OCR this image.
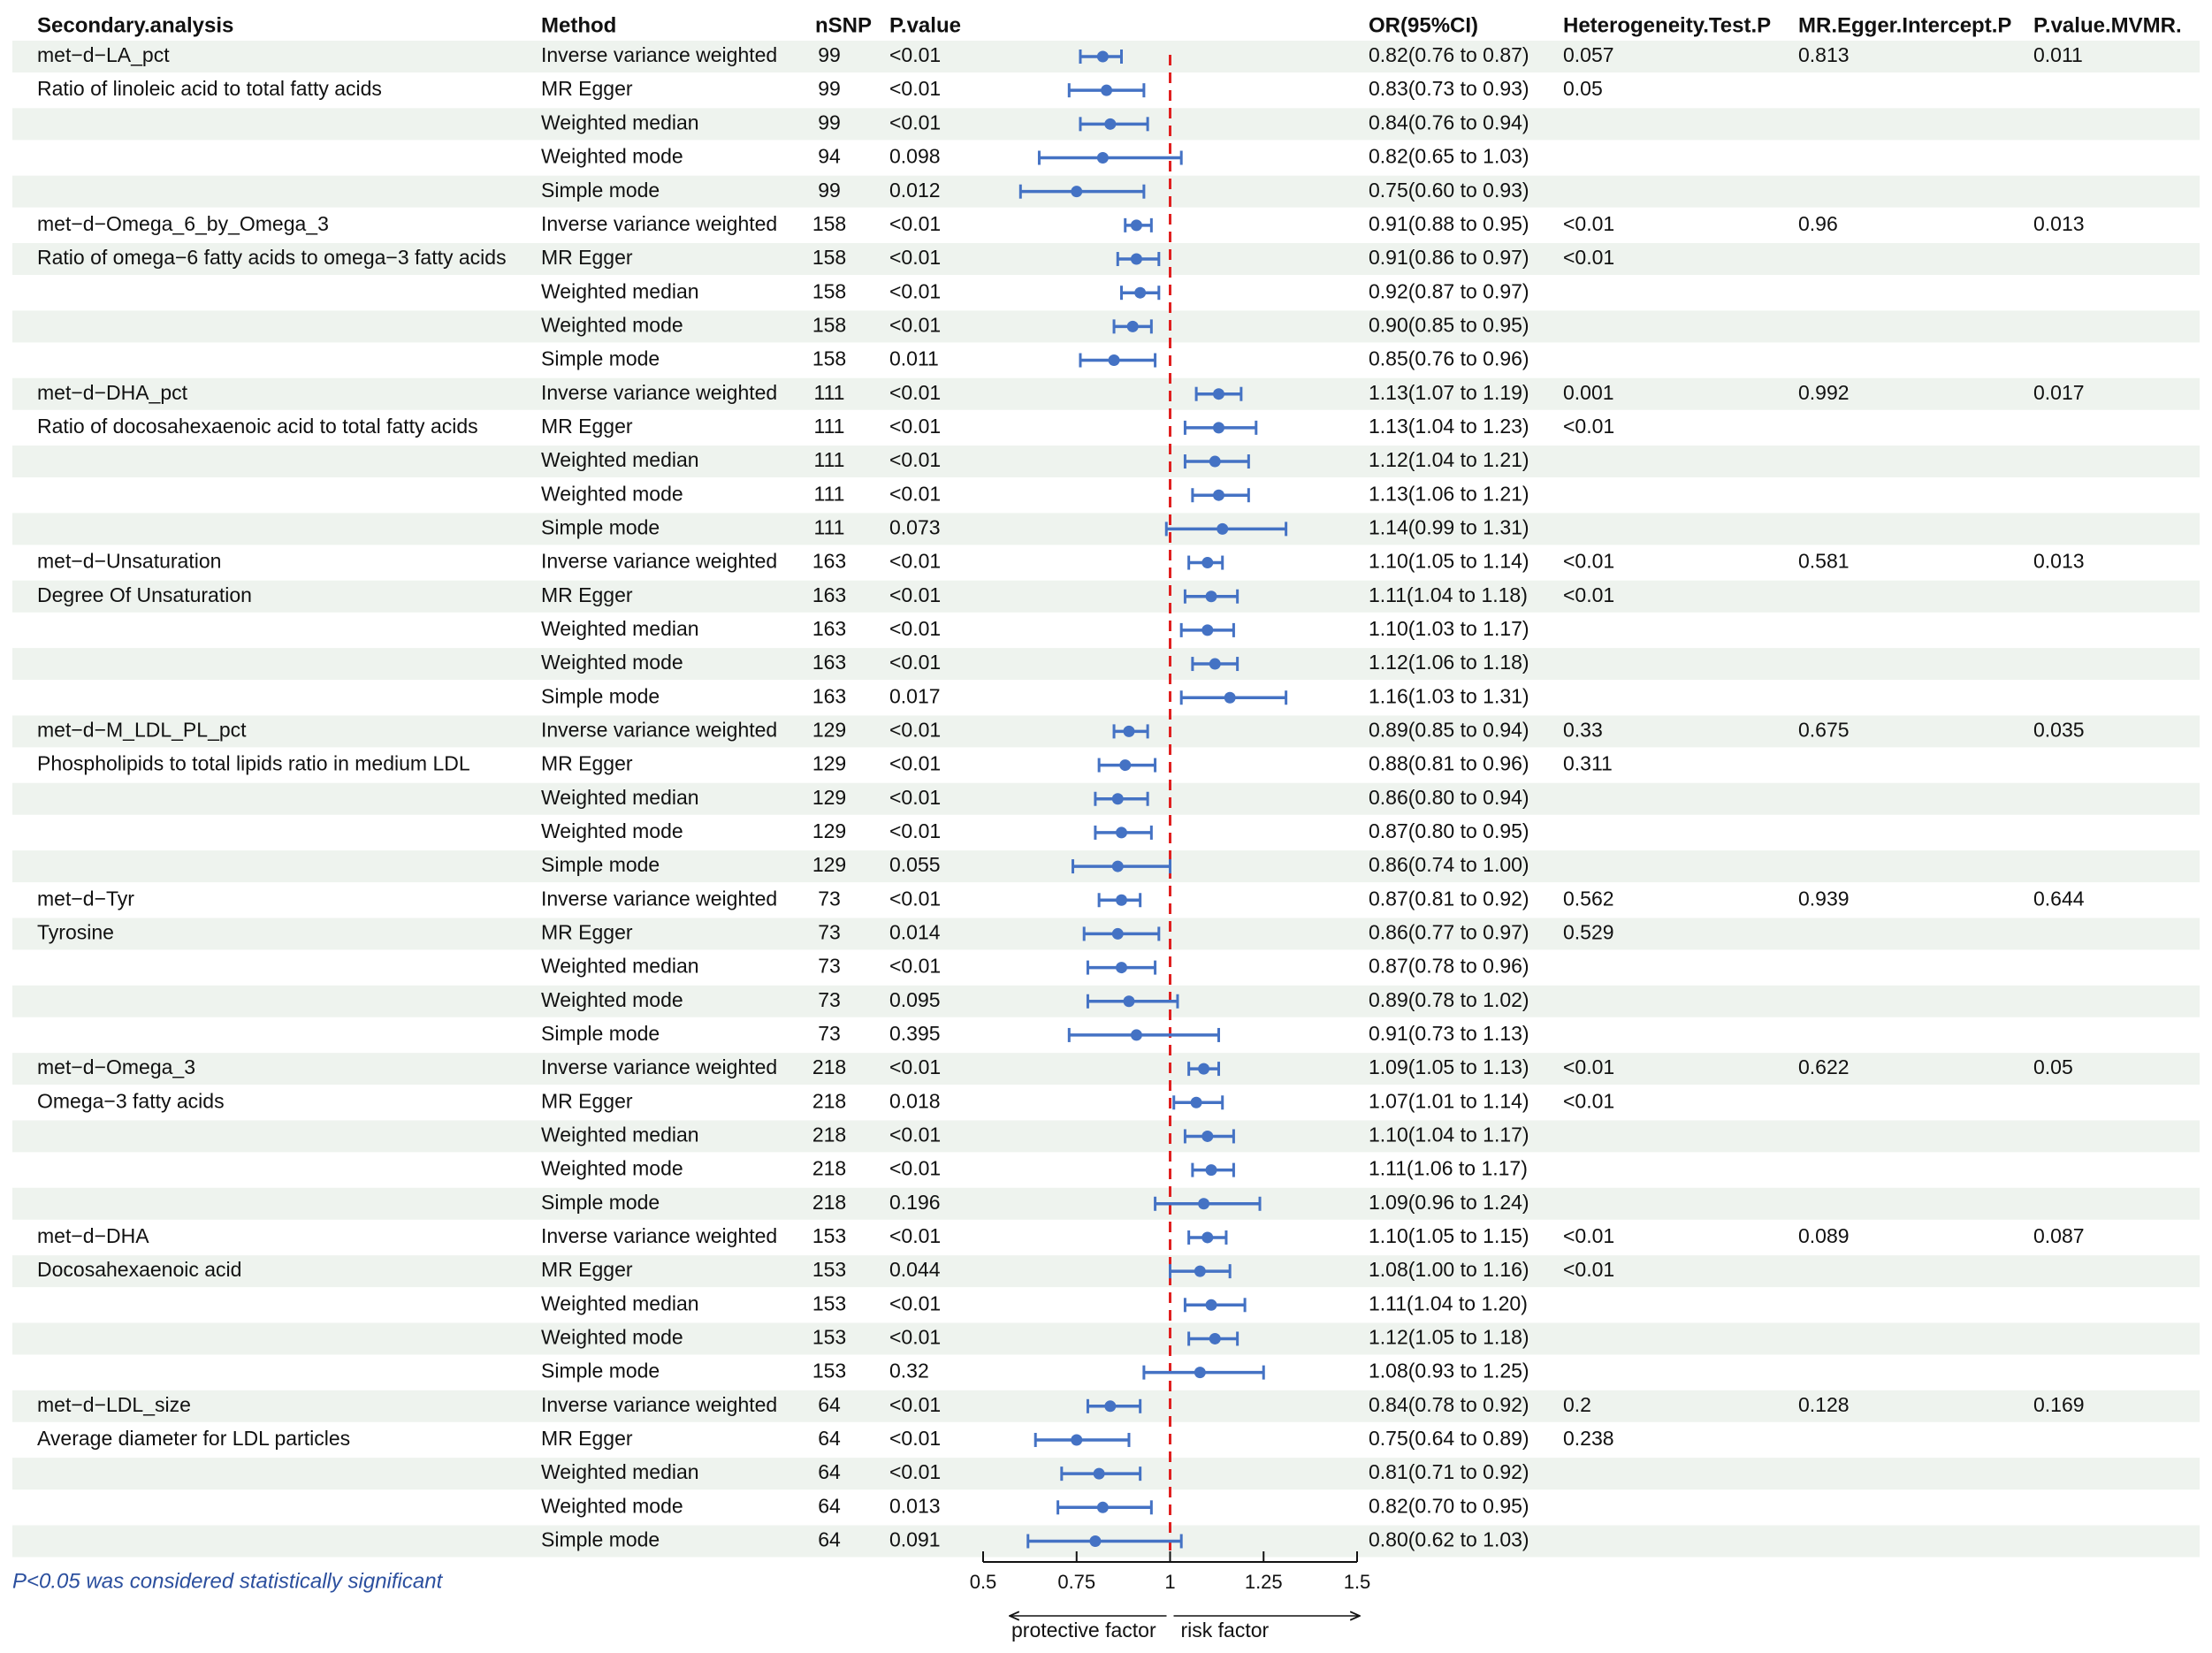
Secondary.analysis	Method	nSNP P.value	OR(95%CI)	Heterogeneity.Test.P MR.Egger.Intercept.P P.value.MVMR.
met−d−LA_pct	Inverse variance weighted 99 <0.01	0.82(0.76 to 0.87) 0.057	0.813	0.011
Ratio of linoleic acid to total fatty acids	MR Egger	99 <0.01	0.83(0.73 to 0.93) 0.05
Weighted median	99 <0.01	0.84(0.76 to 0.94)
Weighted mode	94 0.098	0.82(0.65 to 1.03)
Simple mode	99 0.012	0.75(0.60 to 0.93)
met−d−Omega_6_by_Omega_3	Inverse variance weighted 158 <0.01	0.91(0.88 to 0.95) <0.01	0.96	0.013
Ratio of omega−6 fatty acids to omega−3 fatty acids MR Egger	158 <0.01	0.91(0.86 to 0.97) <0.01
Weighted median	158 <0.01	0.92(0.87 to 0.97)
Weighted mode	158 <0.01	0.90(0.85 to 0.95)
Simple mode	158 0.011	0.85(0.76 to 0.96)
met−d−DHA_pct	Inverse variance weighted 111 <0.01	1.13(1.07 to 1.19) 0.001	0.992	0.017
Ratio of docosahexaenoic acid to total fatty acids	MR Egger	111 <0.01	1.13(1.04 to 1.23) <0.01
Weighted median	111 <0.01	1.12(1.04 to 1.21)
Weighted mode	111 <0.01	1.13(1.06 to 1.21)
Simple mode	111 0.073	1.14(0.99 to 1.31)
met−d−Unsaturation	Inverse variance weighted 163 <0.01	1.10(1.05 to 1.14) <0.01	0.581	0.013
Degree Of Unsaturation	MR Egger	163 <0.01	1.11(1.04 to 1.18) <0.01
Weighted median	163 <0.01	1.10(1.03 to 1.17)
Weighted mode	163 <0.01	1.12(1.06 to 1.18)
Simple mode	163 0.017	1.16(1.03 to 1.31)
met−d−M_LDL_PL_pct	Inverse variance weighted 129 <0.01	0.89(0.85 to 0.94) 0.33	0.675	0.035
Phospholipids to total lipids ratio in medium LDL	MR Egger	129 <0.01	0.88(0.81 to 0.96) 0.311
Weighted median	129 <0.01	0.86(0.80 to 0.94)
Weighted mode	129 <0.01	0.87(0.80 to 0.95)
Simple mode	129 0.055	0.86(0.74 to 1.00)
met−d−Tyr	Inverse variance weighted 73 <0.01	0.87(0.81 to 0.92) 0.562	0.939	0.644
Tyrosine	MR Egger	73 0.014	0.86(0.77 to 0.97) 0.529
Weighted median	73 <0.01	0.87(0.78 to 0.96)
Weighted mode	73 0.095	0.89(0.78 to 1.02)
Simple mode	73 0.395	0.91(0.73 to 1.13)
met−d−Omega_3	Inverse variance weighted 218 <0.01	1.09(1.05 to 1.13) <0.01	0.622	0.05
Omega−3 fatty acids	MR Egger	218 0.018	1.07(1.01 to 1.14) <0.01
Weighted median	218 <0.01	1.10(1.04 to 1.17)
Weighted mode	218 <0.01	1.11(1.06 to 1.17)
Simple mode	218 0.196	1.09(0.96 to 1.24)
met−d−DHA	Inverse variance weighted 153 <0.01	1.10(1.05 to 1.15) <0.01	0.089	0.087
Docosahexaenoic acid	MR Egger	153 0.044	1.08(1.00 to 1.16) <0.01
Weighted median	153 <0.01	1.11(1.04 to 1.20)
Weighted mode	153 <0.01	1.12(1.05 to 1.18)
Simple mode	153 0.32	1.08(0.93 to 1.25)
met−d−LDL_size	Inverse variance weighted 64 <0.01	0.84(0.78 to 0.92) 0.2	0.128	0.169
Average diameter for LDL particles	MR Egger	64 <0.01	0.75(0.64 to 0.89) 0.238
Weighted median	64 <0.01	0.81(0.71 to 0.92)
Weighted mode	64 0.013	0.82(0.70 to 0.95)
Simple mode	64 0.091	0.80(0.62 to 1.03)
0.5	0.75	1	1.25	1.5
P<0.05 was considered statistically significant
protective factor risk factor
